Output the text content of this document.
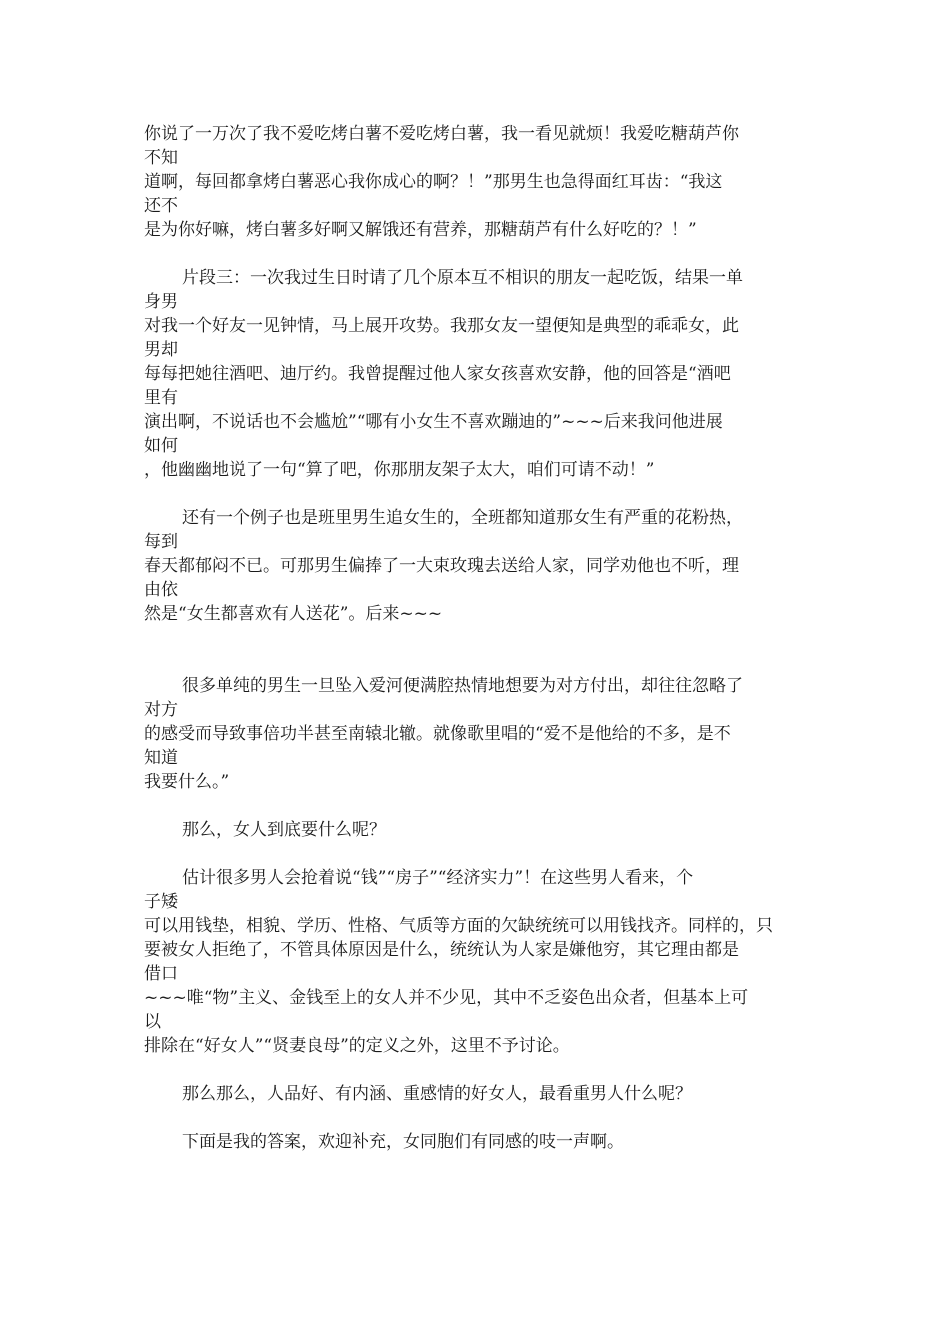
你说了一万次了我不爱吃烤白薯不爱吃烤白薯，我一看见就烦！我爱吃糖葫芦你
不知
道啊，每回都拿烤白薯恶心我你成心的啊？！”那男生也急得面红耳齿：“我这
还不
是为你好嘛，烤白薯多好啊又解饿还有营养，那糖葫芦有什么好吃的？！”
片段三：一次我过生日时请了几个原本互不相识的朋友一起吃饭，结果一单
身男
对我一个好友一见钟情，马上展开攻势。我那女友一望便知是典型的乖乖女，此
男却
每每把她往酒吧、迪厅约。我曾提醒过他人家女孩喜欢安静，他的回答是“酒吧
里有
演出啊，不说话也不会尴尬”“哪有小女生不喜欢蹦迪的”~~~后来我问他进展
如何
，他幽幽地说了一句“算了吧，你那朋友架子太大，咱们可请不动！”
还有一个例子也是班里男生追女生的，全班都知道那女生有严重的花粉热，
每到
春天都郁闷不已。可那男生偏捧了一大束玫瑰去送给人家，同学劝他也不听，理
由依
然是“女生都喜欢有人送花”。后来~~~
很多单纯的男生一旦坠入爱河便满腔热情地想要为对方付出，却往往忽略了
对方
的感受而导致事倍功半甚至南辕北辙。就像歌里唱的“爱不是他给的不多，是不
知道
我要什么。”
那么，女人到底要什么呢？
估计很多男人会抢着说“钱”“房子”“经济实力”！在这些男人看来，个
子矮
可以用钱垫，相貌、学历、性格、气质等方面的欠缺统统可以用钱找齐。同样的，只
要被女人拒绝了，不管具体原因是什么，统统认为人家是嫌他穷，其它理由都是
借口
~~~唯“物”主义、金钱至上的女人并不少见，其中不乏姿色出众者，但基本上可
以
排除在“好女人”“贤妻良母”的定义之外，这里不予讨论。
那么那么，人品好、有内涵、重感情的好女人，最看重男人什么呢？
下面是我的答案，欢迎补充，女同胞们有同感的吱一声啊。
